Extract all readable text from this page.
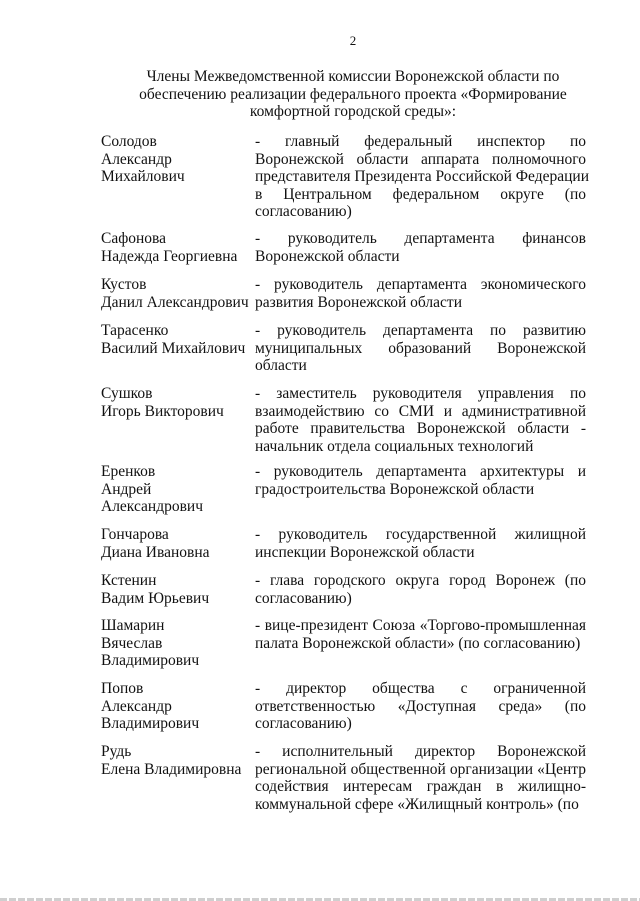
2
Члены Межведомственной комиссии Воронежской области по
обеспечению реализации федерального проекта «Формирование
комфортной городской среды»:
Солодов
Александр
Михайлович
- главный федеральный инспектор по
Воронежской области аппарата полномочного
представителя Президента Российской Федерации
в Центральном федеральном округе (по
согласованию)
Сафонова
Надежда Георгиевна
- руководитель департамента финансов
Воронежской области
Кустов
Данил Александрович
- руководитель департамента экономического
развития Воронежской области
Тарасенко
Василий Михайлович
- руководитель департамента по развитию
муниципальных образований Воронежской
области
Сушков
Игорь Викторович
- заместитель руководителя управления по
взаимодействию со СМИ и административной
работе правительства Воронежской области -
начальник отдела социальных технологий
Еренков
Андрей
Александрович
- руководитель департамента архитектуры и
градостроительства Воронежской области
Гончарова
Диана Ивановна
- руководитель государственной жилищной
инспекции Воронежской области
Кстенин
Вадим Юрьевич
- глава городского округа город Воронеж (по
согласованию)
Шамарин
Вячеслав
Владимирович
- вице-президент Союза «Торгово-промышленная
палата Воронежской области» (по согласованию)
Попов
Александр
Владимирович
- директор общества с ограниченной
ответственностью «Доступная среда» (по
согласованию)
Рудь
Елена Владимировна
- исполнительный директор Воронежской
региональной общественной организации «Центр
содействия интересам граждан в жилищно-
коммунальной сфере «Жилищный контроль» (по
